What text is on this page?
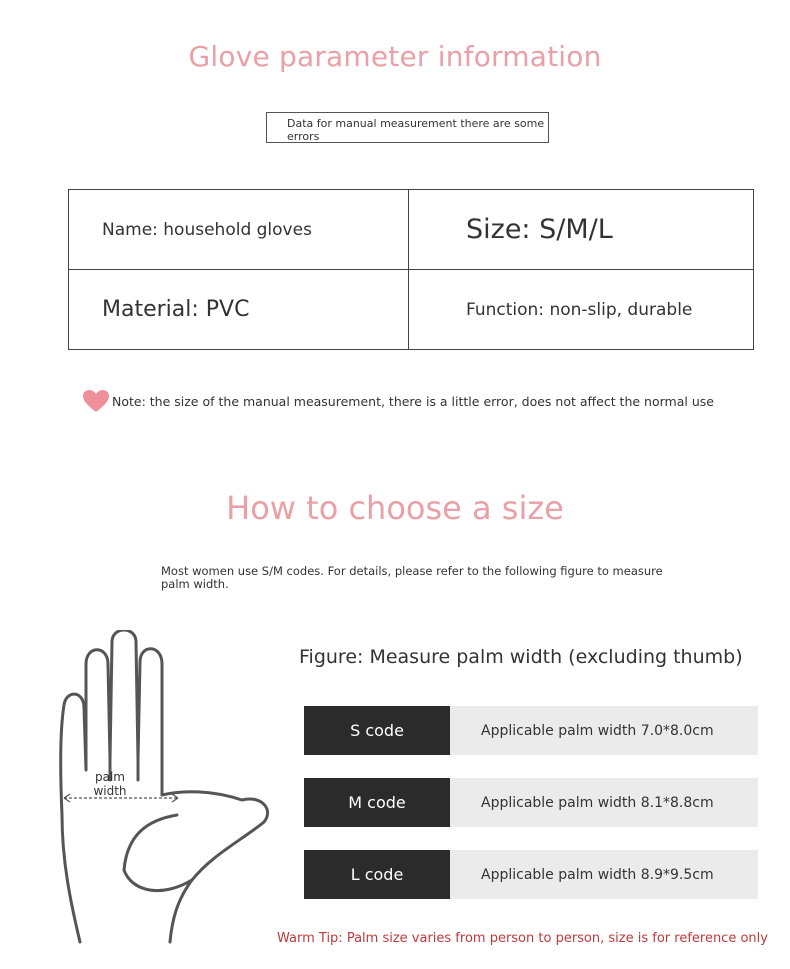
Glove parameter information
Data for manual measurement there are some errors
Name: household gloves	Size: S/M/L
Material: PVC	Function: non-slip, durable
Note: the size of the manual measurement, there is a little error, does not affect the normal use
How to choose a size
Most women use S/M codes. For details, please refer to the following figure to measure palm width.
palm
width
Figure: Measure palm width (excluding thumb)
S code	Applicable palm width 7.0*8.0cm
M code	Applicable palm width 8.1*8.8cm
L code	Applicable palm width 8.9*9.5cm
Warm Tip: Palm size varies from person to person, size is for reference only
